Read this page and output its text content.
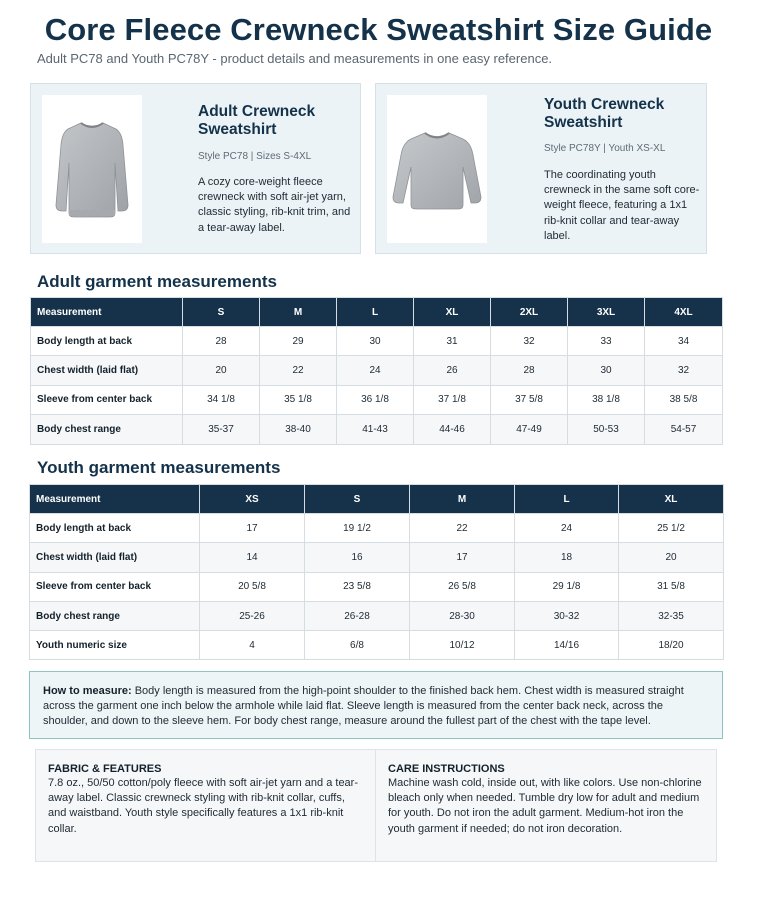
Core Fleece Crewneck Sweatshirt Size Guide
Adult PC78 and Youth PC78Y - product details and measurements in one easy reference.
Adult Crewneck Sweatshirt
Style PC78 | Sizes S-4XL
A cozy core-weight fleece crewneck with soft air-jet yarn, classic styling, rib-knit trim, and a tear-away label.
Youth Crewneck Sweatshirt
Style PC78Y | Youth XS-XL
The coordinating youth crewneck in the same soft core-weight fleece, featuring a 1x1 rib-knit collar and tear-away label.
Adult garment measurements
Measurement	S	M	L	XL	2XL	3XL	4XL
Body length at back	28	29	30	31	32	33	34
Chest width (laid flat)	20	22	24	26	28	30	32
Sleeve from center back	34 1/8	35 1/8	36 1/8	37 1/8	37 5/8	38 1/8	38 5/8
Body chest range	35-37	38-40	41-43	44-46	47-49	50-53	54-57
Youth garment measurements
Measurement	XS	S	M	L	XL
Body length at back	17	19 1/2	22	24	25 1/2
Chest width (laid flat)	14	16	17	18	20
Sleeve from center back	20 5/8	23 5/8	26 5/8	29 1/8	31 5/8
Body chest range	25-26	26-28	28-30	30-32	32-35
Youth numeric size	4	6/8	10/12	14/16	18/20
How to measure: Body length is measured from the high-point shoulder to the finished back hem. Chest width is measured straight across the garment one inch below the armhole while laid flat. Sleeve length is measured from the center back neck, across the shoulder, and down to the sleeve hem. For body chest range, measure around the fullest part of the chest with the tape level.
FABRIC & FEATURES

7.8 oz., 50/50 cotton/poly fleece with soft air-jet yarn and a tear-away label. Classic crewneck styling with rib-knit collar, cuffs, and waistband. Youth style specifically features a 1x1 rib-knit collar.

CARE INSTRUCTIONS

Machine wash cold, inside out, with like colors. Use non-chlorine bleach only when needed. Tumble dry low for adult and medium for youth. Do not iron the adult garment. Medium-hot iron the youth garment if needed; do not iron decoration.
